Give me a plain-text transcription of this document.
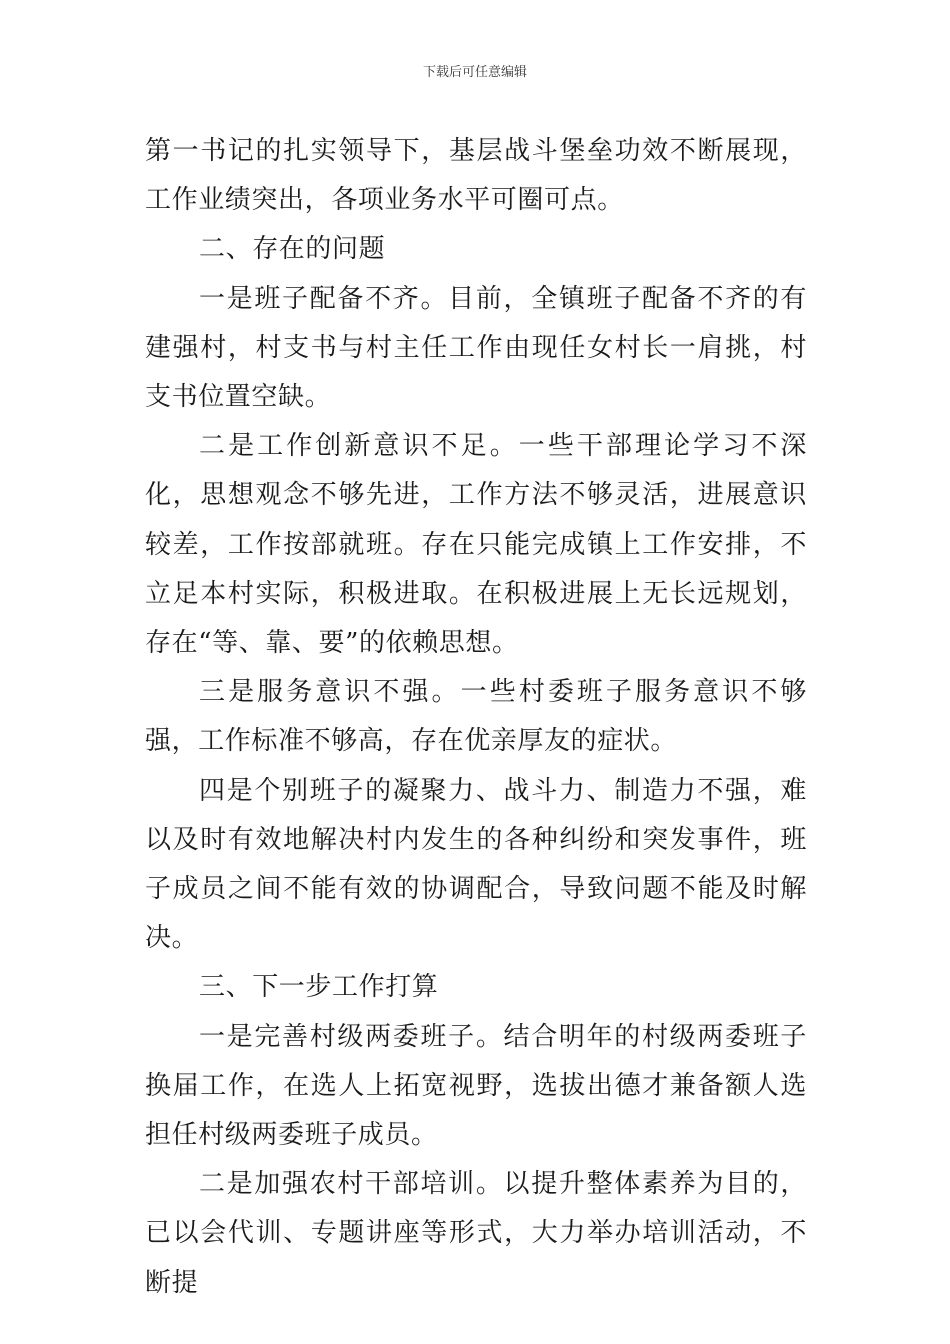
下载后可任意编辑

第一书记的扎实领导下，基层战斗堡垒功效不断展现，工作业绩突出，各项业务水平可圈可点。

二、存在的问题

一是班子配备不齐。目前，全镇班子配备不齐的有建强村，村支书与村主任工作由现任女村长一肩挑，村支书位置空缺。

二是工作创新意识不足。一些干部理论学习不深化，思想观念不够先进，工作方法不够灵活，进展意识较差，工作按部就班。存在只能完成镇上工作安排，不立足本村实际，积极进取。在积极进展上无长远规划，存在“等、靠、要”的依赖思想。

三是服务意识不强。一些村委班子服务意识不够强，工作标准不够高，存在优亲厚友的症状。

四是个别班子的凝聚力、战斗力、制造力不强，难以及时有效地解决村内发生的各种纠纷和突发事件，班子成员之间不能有效的协调配合，导致问题不能及时解决。

三、下一步工作打算

一是完善村级两委班子。结合明年的村级两委班子换届工作，在选人上拓宽视野，选拔出德才兼备额人选担任村级两委班子成员。

二是加强农村干部培训。以提升整体素养为目的，已以会代训、专题讲座等形式，大力举办培训活动，不断提
